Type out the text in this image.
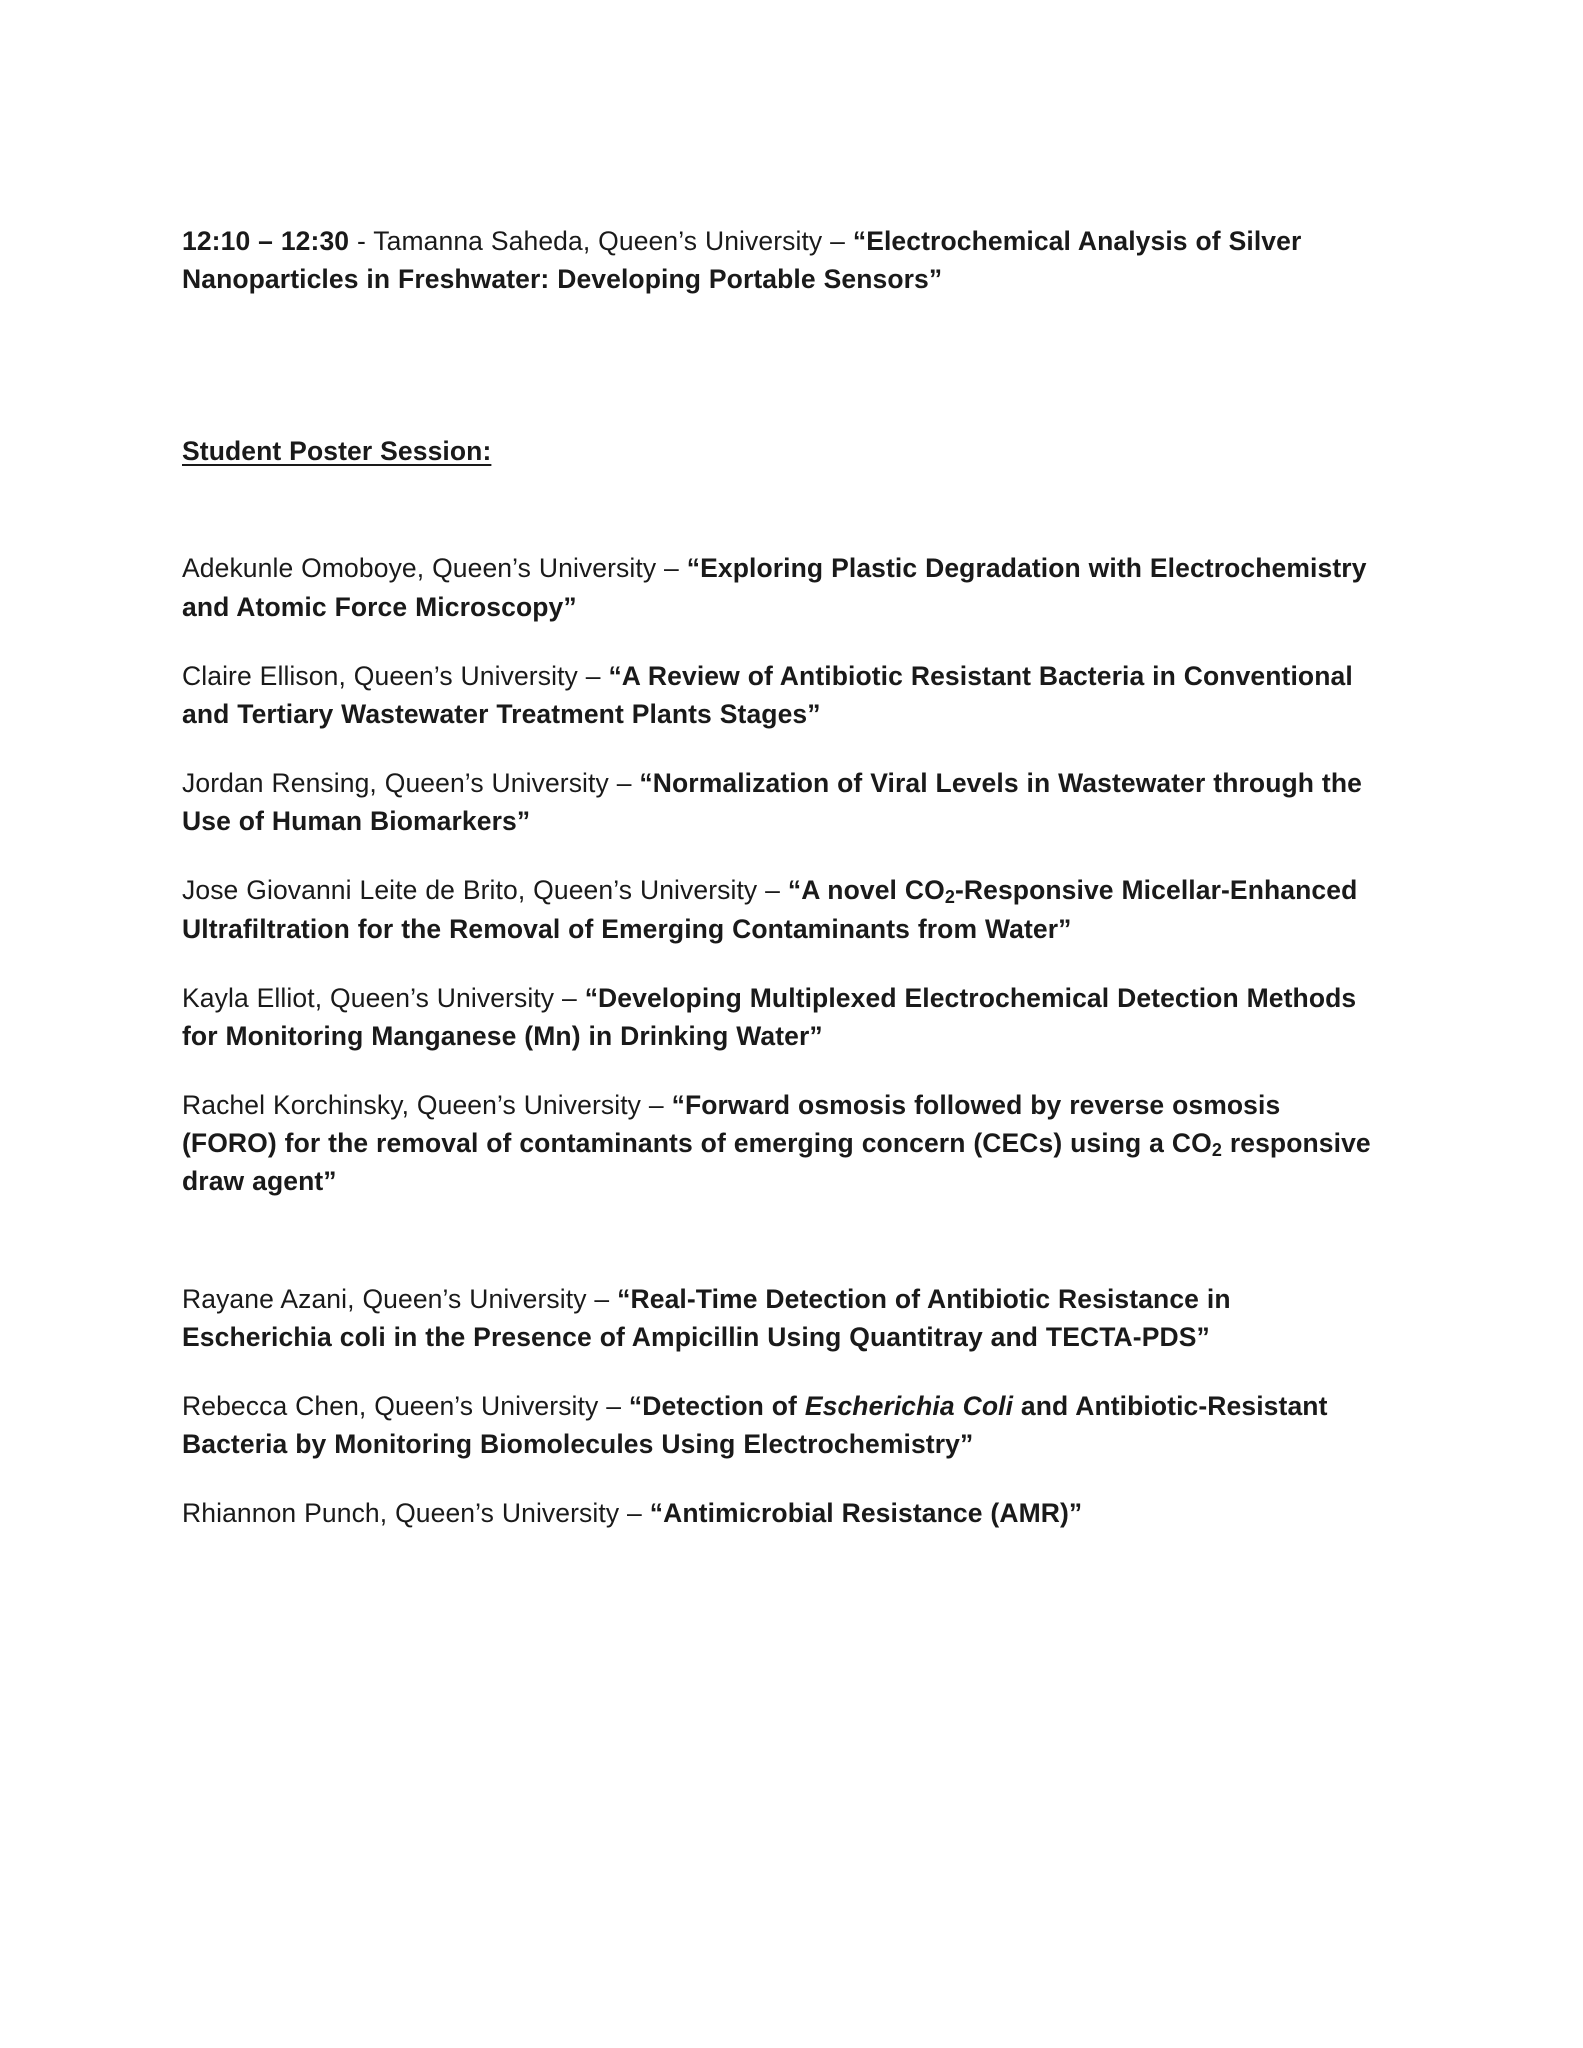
12:10 – 12:30 - Tamanna Saheda, Queen’s University – “Electrochemical Analysis of Silver Nanoparticles in Freshwater: Developing Portable Sensors”

Student Poster Session:

Adekunle Omoboye, Queen’s University – “Exploring Plastic Degradation with Electrochemistry and Atomic Force Microscopy”

Claire Ellison, Queen’s University – “A Review of Antibiotic Resistant Bacteria in Conventional and Tertiary Wastewater Treatment Plants Stages”

Jordan Rensing, Queen’s University – “Normalization of Viral Levels in Wastewater through the Use of Human Biomarkers”

Jose Giovanni Leite de Brito, Queen’s University – “A novel $CO_2$-Responsive Micellar-Enhanced Ultrafiltration for the Removal of Emerging Contaminants from Water”

Kayla Elliot, Queen’s University – “Developing Multiplexed Electrochemical Detection Methods for Monitoring Manganese (Mn) in Drinking Water”

Rachel Korchinsky, Queen’s University – “Forward osmosis followed by reverse osmosis (FORO) for the removal of contaminants of emerging concern (CECs) using a $CO_2$ responsive draw agent”

Rayane Azani, Queen’s University – “Real-Time Detection of Antibiotic Resistance in Escherichia coli in the Presence of Ampicillin Using Quantitray and TECTA-PDS”

Rebecca Chen, Queen’s University – “Detection of Escherichia Coli and Antibiotic-Resistant Bacteria by Monitoring Biomolecules Using Electrochemistry”

Rhiannon Punch, Queen’s University – “Antimicrobial Resistance (AMR)”
